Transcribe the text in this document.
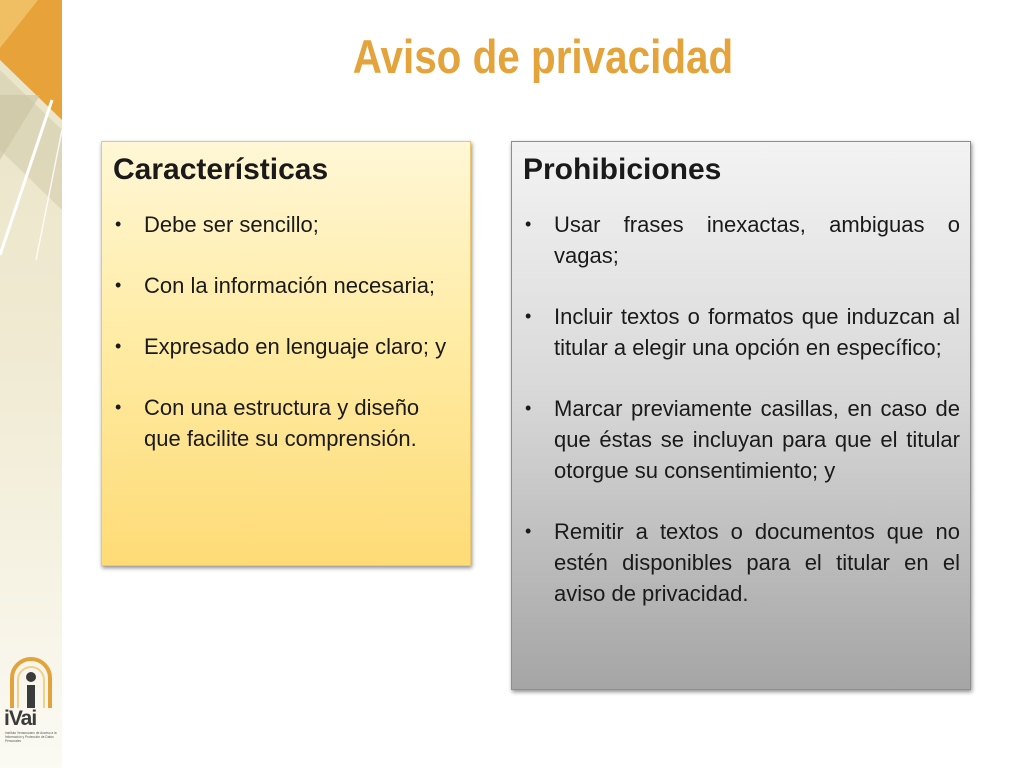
iVai
Instituto Veracruzano de Acceso a la Información y Protección de Datos Personales
Aviso de privacidad
Características
• Debe ser sencillo;
• Con la información necesaria;
• Expresado en lenguaje claro; y
• Con una estructura y diseño que facilite su comprensión.
Prohibiciones
• Usar frases inexactas, ambiguas o vagas;
• Incluir textos o formatos que induzcan al titular a elegir una opción en específico;
• Marcar previamente casillas, en caso de que éstas se incluyan para que el titular otorgue su consentimiento; y
• Remitir a textos o documentos que no estén disponibles para el titular en el aviso de privacidad.
